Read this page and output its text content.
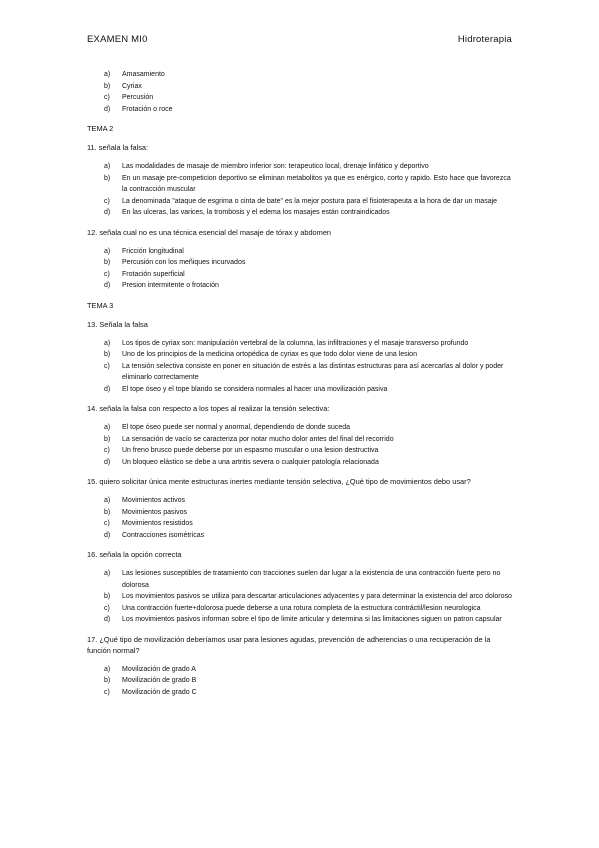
EXAMEN MI0	Hidroterapia
a)	Amasamiento
b)	Cyriax
c)	Percusión
d)	Frotación o roce
TEMA 2
11. señala la falsa:
a)	Las modalidades de masaje de miembro inferior son: terapeutico local, drenaje linfático y deportivo
b)	En un masaje pre-competicion deportivo se eliminan metabolitos ya que es enérgico, corto y rapido. Esto hace que favorezca la contracción muscular
c)	La denominada "ataque de esgrima o cinta de bate" es la mejor postura para el fisioterapeuta a la hora de dar un masaje
d)	En las ulceras, las varices, la trombosis y el edema los masajes están contraindicados
12. señala cual no es una técnica esencial del masaje de tórax y abdomen
a)	Fricción longitudinal
b)	Percusión con los meñiques incurvados
c)	Frotación superficial
d)	Presion intermitente o frotación
TEMA 3
13. Señala la falsa
a)	Los tipos de cyriax son: manipulación vertebral de la columna, las infiltraciones y el masaje transverso profundo
b)	Uno de los principios de la medicina ortopédica de cyriax es que todo dolor viene de una lesion
c)	La tensión selectiva consiste en poner en situación de estrés a las distintas estructuras para así acercarlas al dolor y poder eliminarlo correctamente
d)	El tope óseo y el tope blando se considera normales al hacer una movilización pasiva
14. señala la falsa con respecto a los topes al realizar la tensión selectiva:
a)	El tope óseo puede ser normal y anormal, dependiendo de donde suceda
b)	La sensación de vacío se caracteriza por notar mucho dolor antes del final del recorrido
c)	Un freno brusco puede deberse por un espasmo muscular o una lesion destructiva
d)	Un bloqueo elástico se debe a una artritis severa o cualquier patología relacionada
15. quiero solicitar única mente estructuras inertes mediante tensión selectiva, ¿Qué tipo de movimientos debo usar?
a)	Movimientos activos
b)	Movimientos pasivos
c)	Movimientos resistidos
d)	Contracciones isométricas
16. señala la opción correcta
a)	Las lesiones susceptibles de tratamiento con tracciones suelen dar lugar a la existencia de una contracción fuerte pero no dolorosa
b)	Los movimientos pasivos se utiliza para descartar articulaciones adyacentes y para determinar la existencia del arco doloroso
c)	Una contracción fuerte+dolorosa puede deberse a una rotura completa de la estructura contráctil/lesion neurologica
d)	Los movimientos pasivos informan sobre el tipo de limite articular y determina si las limitaciones siguen un patron capsular
17. ¿Qué tipo de movilización deberíamos usar para lesiones agudas, prevención de adherencias o una recuperación de la función normal?
a)	Movilización de grado A
b)	Movilización de grado B
c)	Movilización de grado C
